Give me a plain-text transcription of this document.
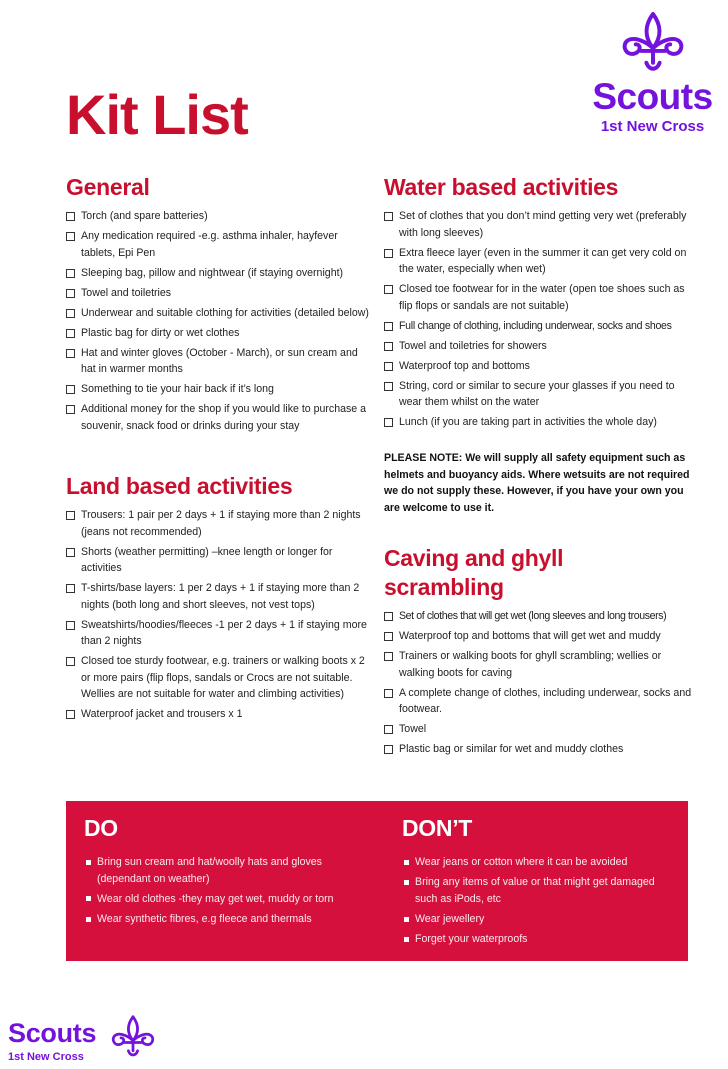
Scouts
1st New Cross
Kit List
General
Torch (and spare batteries)
Any medication required -e.g. asthma inhaler, hayfever tablets, Epi Pen
Sleeping bag, pillow and nightwear (if staying overnight)
Towel and toiletries
Underwear and suitable clothing for activities (detailed below)
Plastic bag for dirty or wet clothes
Hat and winter gloves (October - March), or sun cream and hat in warmer months
Something to tie your hair back if it’s long
Additional money for the shop if you would like to purchase a souvenir, snack food or drinks during your stay
Land based activities
Trousers: 1 pair per 2 days + 1 if staying more than 2 nights (jeans not recommended)
Shorts (weather permitting) –knee length or longer for activities
T-shirts/base layers: 1 per 2 days + 1 if staying more than 2 nights (both long and short sleeves, not vest tops)
Sweatshirts/hoodies/fleeces -1 per 2 days + 1 if staying more than 2 nights
Closed toe sturdy footwear, e.g. trainers or walking boots x 2 or more pairs (flip flops, sandals or Crocs are not suitable. Wellies are not suitable for water and climbing activities)
Waterproof jacket and trousers x 1
Water based activities
Set of clothes that you don’t mind getting very wet (preferably with long sleeves)
Extra fleece layer (even in the summer it can get very cold on the water, especially when wet)
Closed toe footwear for in the water (open toe shoes such as flip flops or sandals are not suitable)
Full change of clothing, including underwear, socks and shoes
Towel and toiletries for showers
Waterproof top and bottoms
String, cord or similar to secure your glasses if you need to wear them whilst on the water
Lunch (if you are taking part in activities the whole day)

PLEASE NOTE: We will supply all safety equipment such as helmets and buoyancy aids. Where wetsuits are not required we do not supply these. However, if you have your own you are welcome to use it.

Caving and ghyll scrambling
Set of clothes that will get wet (long sleeves and long trousers)
Waterproof top and bottoms that will get wet and muddy
Trainers or walking boots for ghyll scrambling; wellies or walking boots for caving
A complete change of clothes, including underwear, socks and footwear.
Towel
Plastic bag or similar for wet and muddy clothes
DO
Bring sun cream and hat/woolly hats and gloves (dependant on weather)
Wear old clothes -they may get wet, muddy or torn
Wear synthetic fibres, e.g fleece and thermals
DON’T
Wear jeans or cotton where it can be avoided
Bring any items of value or that might get damaged such as iPods, etc
Wear jewellery
Forget your waterproofs
Scouts
1st New Cross
